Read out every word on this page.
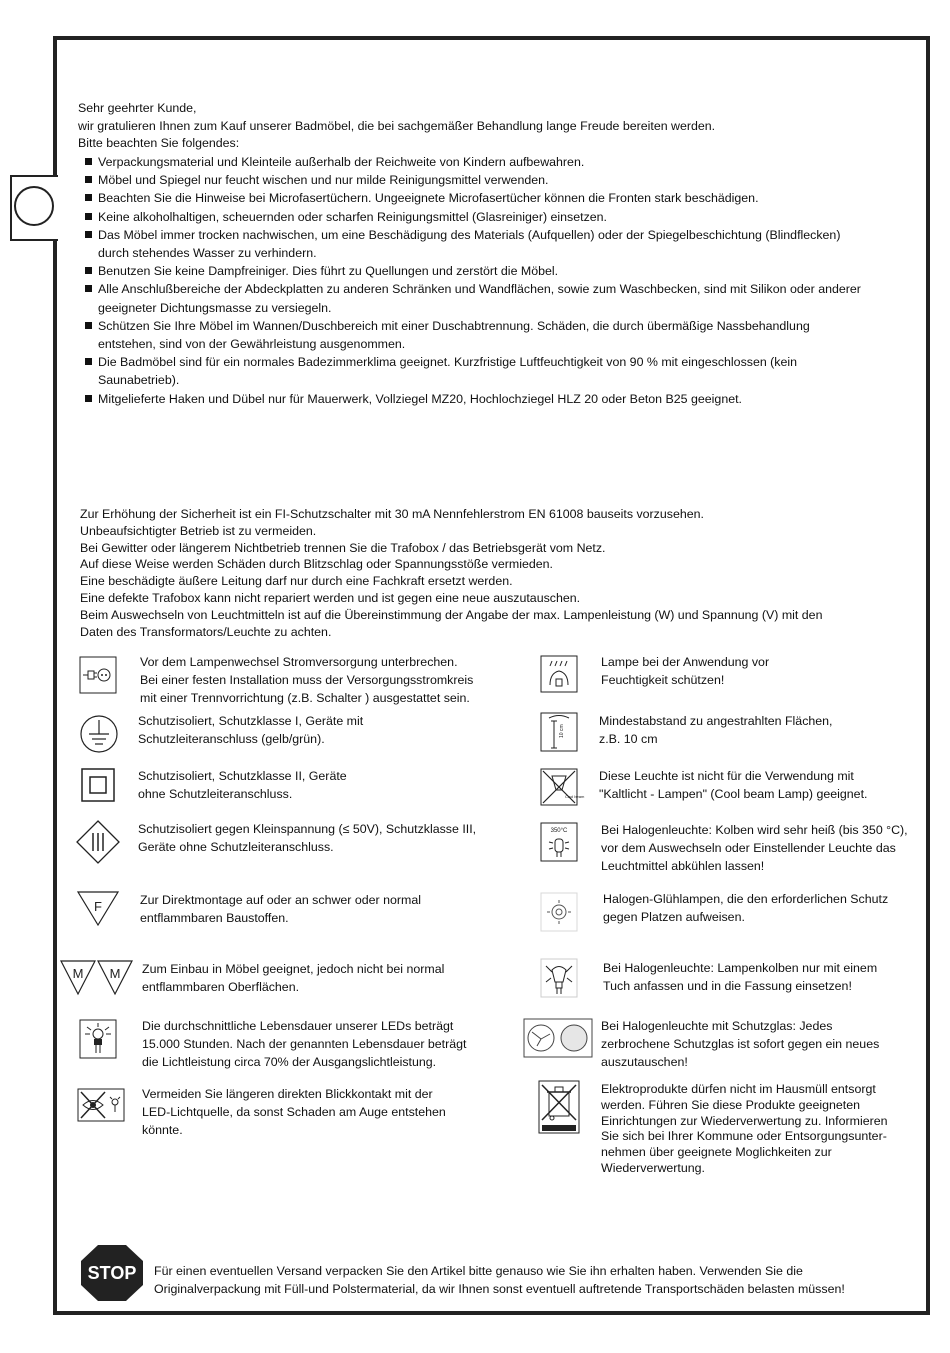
Sehr geehrter Kunde,
wir gratulieren Ihnen zum Kauf unserer Badmöbel, die bei sachgemäßer Behandlung lange Freude bereiten werden.
Bitte beachten Sie folgendes:
Verpackungsmaterial und Kleinteile außerhalb der Reichweite von Kindern aufbewahren.
Möbel und Spiegel nur feucht wischen und nur milde Reinigungsmittel verwenden.
Beachten Sie die Hinweise bei Microfasertüchern. Ungeeignete Microfasertücher können die Fronten stark beschädigen.
Keine alkoholhaltigen, scheuernden oder scharfen Reinigungsmittel (Glasreiniger) einsetzen.
Das Möbel immer trocken nachwischen, um eine Beschädigung des Materials (Aufquellen) oder der Spiegelbeschichtung (Blindflecken)
durch stehendes Wasser zu verhindern.
Benutzen Sie keine Dampfreiniger. Dies führt zu Quellungen und zerstört die Möbel.
Alle Anschlußbereiche der Abdeckplatten zu anderen Schränken und Wandflächen, sowie zum Waschbecken, sind mit Silikon oder anderer
geeigneter Dichtungsmasse zu versiegeln.
Schützen Sie Ihre Möbel im Wannen/Duschbereich mit einer Duschabtrennung. Schäden, die durch übermäßige Nassbehandlung
entstehen, sind von der Gewährleistung ausgenommen.
Die Badmöbel sind für ein normales Badezimmerklima geeignet. Kurzfristige Luftfeuchtigkeit von 90 % mit eingeschlossen (kein
Saunabetrieb).
Mitgelieferte Haken und Dübel nur für Mauerwerk, Vollziegel MZ20, Hochlochziegel HLZ 20 oder Beton B25 geeignet.
Zur Erhöhung der Sicherheit ist ein FI-Schutzschalter mit 30 mA Nennfehlerstrom EN 61008 bauseits vorzusehen.
Unbeaufsichtigter Betrieb ist zu vermeiden.
Bei Gewitter oder längerem Nichtbetrieb trennen Sie die Trafobox / das Betriebsgerät vom Netz.
Auf diese Weise werden Schäden durch Blitzschlag oder Spannungsstöße vermieden.
Eine beschädigte äußere Leitung darf nur durch eine Fachkraft ersetzt werden.
Eine defekte Trafobox kann nicht repariert werden und ist gegen eine neue auszutauschen.
Beim Auswechseln von Leuchtmitteln ist auf die Übereinstimmung der Angabe der max. Lampenleistung (W) und Spannung (V) mit den
Daten des Transformators/Leuchte zu achten.
F
M M
Vor dem Lampenwechsel Stromversorgung unterbrechen.
Bei einer festen Installation muss der Versorgungsstromkreis
mit einer Trennvorrichtung (z.B. Schalter ) ausgestattet sein.
Schutzisoliert, Schutzklasse I, Geräte mit
Schutzleiteranschluss (gelb/grün).
Schutzisoliert, Schutzklasse II, Geräte
ohne Schutzleiteranschluss.
Schutzisoliert gegen Kleinspannung (≤ 50V), Schutzklasse III,
Geräte ohne Schutzleiteranschluss.
Zur Direktmontage auf oder an schwer oder normal
entflammbaren Baustoffen.
Zum Einbau in Möbel geeignet, jedoch nicht bei normal
entflammbaren Oberflächen.
Die durchschnittliche Lebensdauer unserer LEDs beträgt
15.000 Stunden. Nach der genannten Lebensdauer beträgt
die Lichtleistung circa 70% der Ausgangslichtleistung.
Vermeiden Sie längeren direkten Blickkontakt mit der
LED-Lichtquelle, da sonst Schaden am Auge entstehen
könnte.
10 cm
Cool beam
350°C
Lampe bei der Anwendung vor
Feuchtigkeit schützen!
Mindestabstand zu angestrahlten Flächen,
z.B. 10 cm
Diese Leuchte ist nicht für die Verwendung mit
"Kaltlicht - Lampen" (Cool beam Lamp) geeignet.
Bei Halogenleuchte: Kolben wird sehr heiß (bis 350 °C),
vor dem Auswechseln oder Einstellender Leuchte das
Leuchtmittel abkühlen lassen!
Halogen-Glühlampen, die den erforderlichen Schutz
gegen Platzen aufweisen.
Bei Halogenleuchte: Lampenkolben nur mit einem
Tuch anfassen und in die Fassung einsetzen!
Bei Halogenleuchte mit Schutzglas: Jedes
zerbrochene Schutzglas ist sofort gegen ein neues
auszutauschen!
Elektroprodukte dürfen nicht im Hausmüll entsorgt
werden. Führen Sie diese Produkte geeigneten
Einrichtungen zur Wiederverwertung zu. Informieren
Sie sich bei Ihrer Kommune oder Entsorgungsunter-
nehmen über geeignete Moglichkeiten zur
Wiederverwertung.
STOP Für einen eventuellen Versand verpacken Sie den Artikel bitte genauso wie Sie ihn erhalten haben. Verwenden Sie die
Originalverpackung mit Füll-und Polstermaterial, da wir Ihnen sonst eventuell auftretende Transportschäden belasten müssen!
